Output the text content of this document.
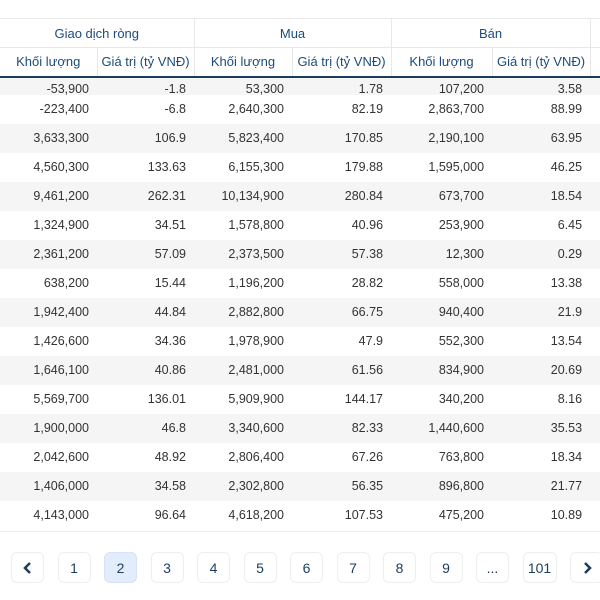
Giao dịch ròng		Mua		Bán		
Khối lượng	Giá trị (tỷ VNĐ)	Khối lượng	Giá trị (tỷ VNĐ)	Khối lượng	Giá trị (tỷ VNĐ)	
-53,900	-1.8	53,300	1.78	107,200	3.58	
-223,400	-6.8	2,640,300	82.19	2,863,700	88.99	
3,633,300	106.9	5,823,400	170.85	2,190,100	63.95	
4,560,300	133.63	6,155,300	179.88	1,595,000	46.25	
9,461,200	262.31	10,134,900	280.84	673,700	18.54	
1,324,900	34.51	1,578,800	40.96	253,900	6.45	
2,361,200	57.09	2,373,500	57.38	12,300	0.29	
638,200	15.44	1,196,200	28.82	558,000	13.38	
1,942,400	44.84	2,882,800	66.75	940,400	21.9	
1,426,600	34.36	1,978,900	47.9	552,300	13.54	
1,646,100	40.86	2,481,000	61.56	834,900	20.69	
5,569,700	136.01	5,909,900	144.17	340,200	8.16	
1,900,000	46.8	3,340,600	82.33	1,440,600	35.53	
2,042,600	48.92	2,806,400	67.26	763,800	18.34	
1,406,000	34.58	2,302,800	56.35	896,800	21.77	
4,143,000	96.64	4,618,200	107.53	475,200	10.89	
1	2	3	4	5	6	7	8	9	...	101
